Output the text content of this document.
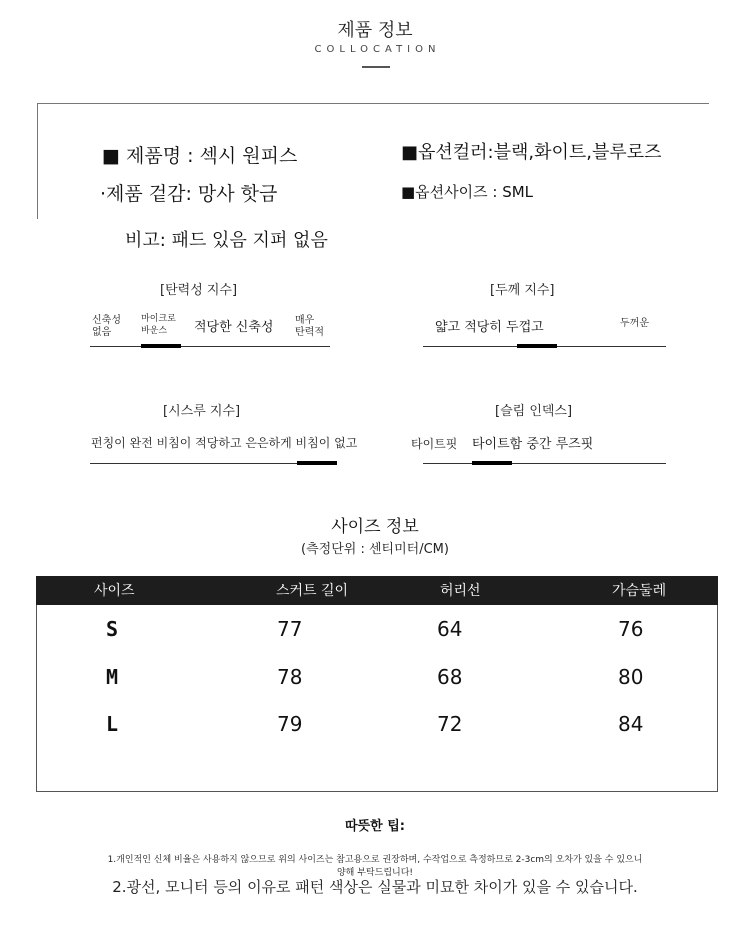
제품 정보
COLLOCATION
■ 제품명 : 섹시 원피스
·제품 겉감: 망사 핫금
비고: 패드 있음 지퍼 없음
■옵션컬러:블랙,화이트,블루로즈
■옵션사이즈 : SML
[탄력성 지수]
신축성
없음
마이크로
바운스	적당한 신축성 매우
탄력적
[두께 지수]
얇고 적당히 두껍고	두꺼운
[시스루 지수]
펀칭이 완전 비침이 적당하고 은은하게 비침이 없고
[슬림 인덱스]
타이트핏 타이트함 중간 루즈핏
사이즈 정보
(측정단위 : 센티미터/CM)
사이즈	스커트 길이	허리선	가슴둘레
S	77	64	76
M	78	68	80
L	79	72	84
따뜻한 팁:
1.개인적인 신체 비율은 사용하지 않으므로 위의 사이즈는 참고용으로 권장하며, 수작업으로 측정하므로 2-3cm의 오차가 있을 수 있으니
양해 부탁드립니다!
2.광선, 모니터 등의 이유로 패턴 색상은 실물과 미묘한 차이가 있을 수 있습니다.
